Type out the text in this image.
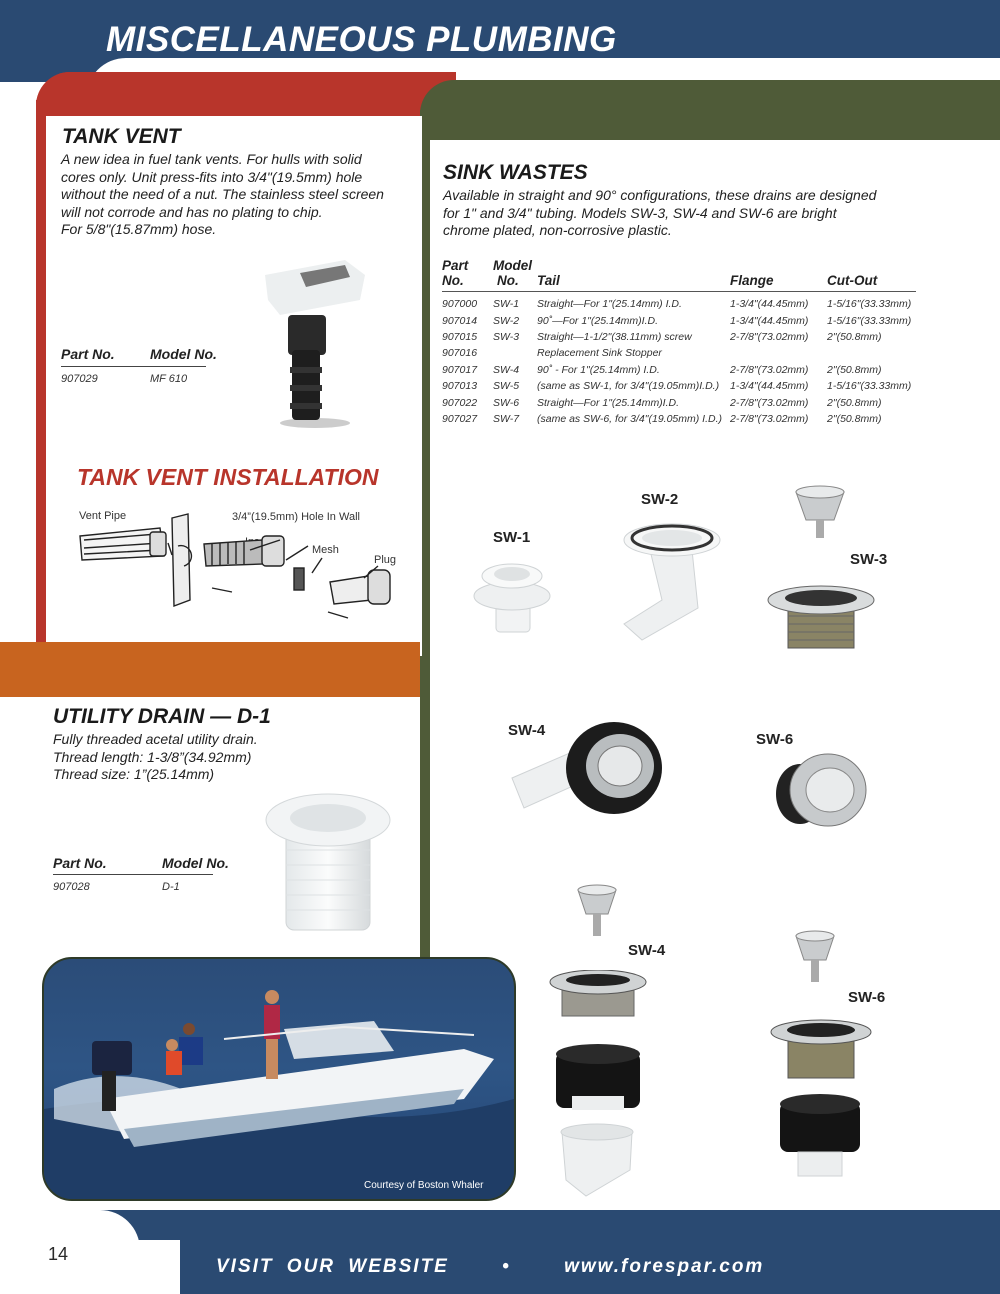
MISCELLANEOUS PLUMBING
TANK VENT
A new idea in fuel tank vents. For hulls with solid
cores only. Unit press-fits into 3/4"(19.5mm) hole
without the need of a nut. The stainless steel screen
will not corrode and has no plating to chip.
For 5/8"(15.87mm) hose.
Part No.	Model No.
907029	MF 610
TANK VENT INSTALLATION
Vent Pipe	3/4”(19.5mm) Hole In Wall
Mesh
Plug
UTILITY DRAIN — D-1
Fully threaded acetal utility drain.
Thread length: 1-3/8”(34.92mm)
Thread size: 1”(25.14mm)
Part No.	Model No.
907028	D-1
SINK WASTES
Available in straight and 90° configurations, these drains are designed
for 1" and 3/4" tubing. Models SW-3, SW-4 and SW-6 are bright
chrome plated, non-corrosive plastic.
Part	Model			
No.	No.	Tail	Flange	Cut-Out
907000	SW-1	Straight—For 1"(25.14mm) I.D.	1-3/4"(44.45mm)	1-5/16"(33.33mm)
907014	SW-2	90˚—For 1"(25.14mm)I.D.	1-3/4"(44.45mm)	1-5/16"(33.33mm)
907015	SW-3	Straight—1-1/2"(38.11mm) screw	2-7/8"(73.02mm)	2"(50.8mm)
907016		Replacement Sink Stopper		
907017	SW-4	90˚ - For 1"(25.14mm) I.D.	2-7/8"(73.02mm)	2"(50.8mm)
907013	SW-5	(same as SW-1, for 3/4"(19.05mm)I.D.)	1-3/4"(44.45mm)	1-5/16"(33.33mm)
907022	SW-6	Straight—For 1"(25.14mm)I.D.	2-7/8"(73.02mm)	2"(50.8mm)
907027	SW-7	(same as SW-6, for 3/4"(19.05mm) I.D.)	2-7/8"(73.02mm)	2"(50.8mm)
SW-2
SW-1
SW-3
SW-4
SW-6
SW-4
SW-6
Courtesy of Boston Whaler
14
VISIT OUR WEBSITE	•	www.forespar.com
